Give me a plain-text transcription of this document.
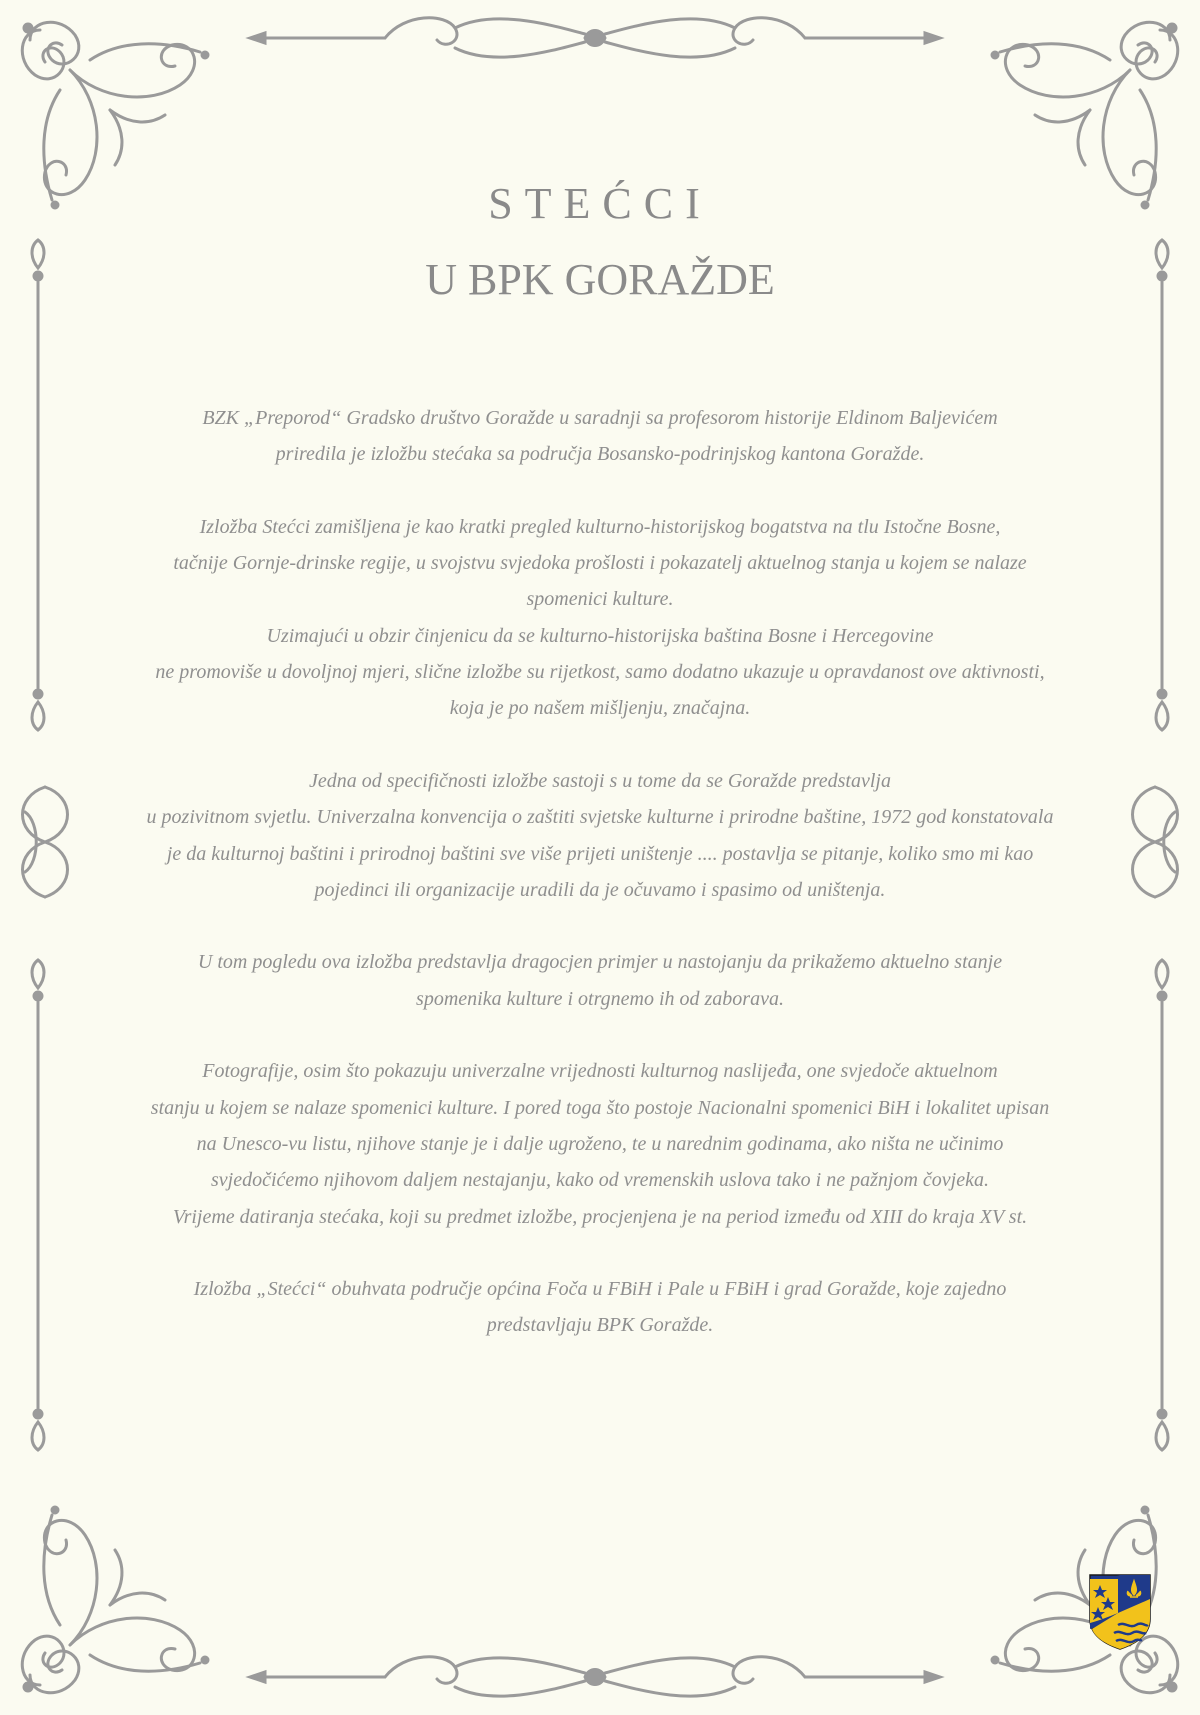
STEĆCI
U BPK GORAŽDE
BZK „Preporod“ Gradsko društvo Goražde u saradnji sa profesorom historije Eldinom Baljevićem
priredila je izložbu stećaka sa područja Bosansko-podrinjskog kantona Goražde.
Izložba Stećci zamišljena je kao kratki pregled kulturno-historijskog bogatstva na tlu Istočne Bosne,
tačnije Gornje-drinske regije, u svojstvu svjedoka prošlosti i pokazatelj aktuelnog stanja u kojem se nalaze
spomenici kulture.
Uzimajući u obzir činjenicu da se kulturno-historijska baština Bosne i Hercegovine
ne promoviše u dovoljnoj mjeri, slične izložbe su rijetkost, samo dodatno ukazuje u opravdanost ove aktivnosti,
koja je po našem mišljenju, značajna.
Jedna od specifičnosti izložbe sastoji s u tome da se Goražde predstavlja
u pozivitnom svjetlu. Univerzalna konvencija o zaštiti svjetske kulturne i prirodne baštine, 1972 god konstatovala
je da kulturnoj baštini i prirodnoj baštini sve više prijeti uništenje .... postavlja se pitanje, koliko smo mi kao
pojedinci ili organizacije uradili da je očuvamo i spasimo od uništenja.
U tom pogledu ova izložba predstavlja dragocjen primjer u nastojanju da prikažemo aktuelno stanje
spomenika kulture i otrgnemo ih od zaborava.
Fotografije, osim što pokazuju univerzalne vrijednosti kulturnog naslijeđa, one svjedoče aktuelnom
stanju u kojem se nalaze spomenici kulture. I pored toga što postoje Nacionalni spomenici BiH i lokalitet upisan
na Unesco-vu listu, njihove stanje je i dalje ugroženo, te u narednim godinama, ako ništa ne učinimo
svjedočićemo njihovom daljem nestajanju, kako od vremenskih uslova tako i ne pažnjom čovjeka.
Vrijeme datiranja stećaka, koji su predmet izložbe, procjenjena je na period između od XIII do kraja XV st.
Izložba „Stećci“ obuhvata područje općina Foča u FBiH i Pale u FBiH i grad Goražde, koje zajedno
predstavljaju BPK Goražde.
